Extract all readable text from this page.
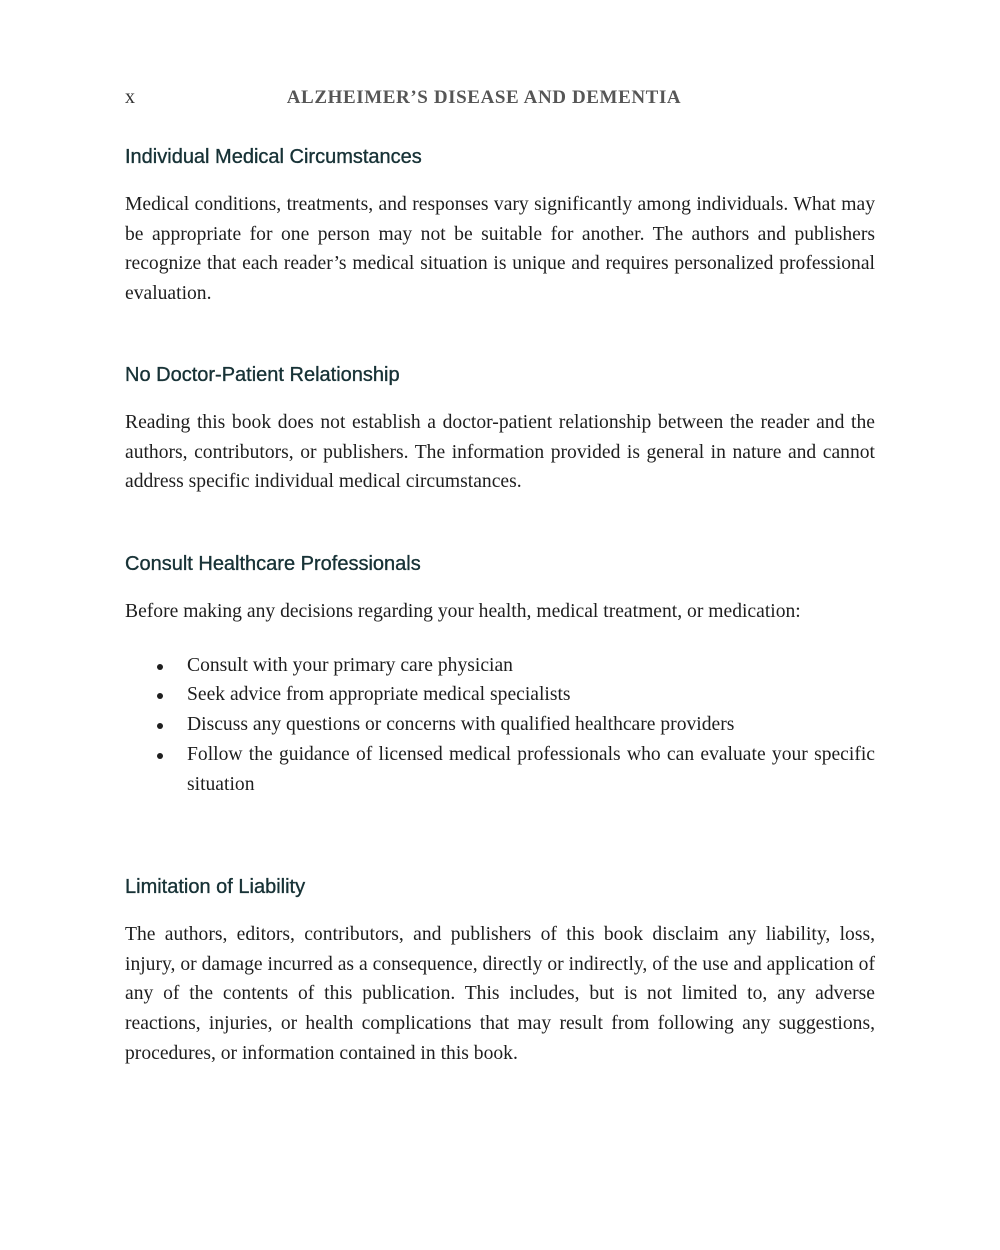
x	ALZHEIMER’S DISEASE AND DEMENTIA
Individual Medical Circumstances

Medical conditions, treatments, and responses vary significantly among individuals. What may be appropriate for one person may not be suitable for another. The authors and publishers recognize that each reader’s medical situation is unique and requires personalized professional evaluation.

No Doctor-Patient Relationship

Reading this book does not establish a doctor-patient relationship between the reader and the authors, contributors, or publishers. The information provided is general in nature and cannot address specific individual medical circumstances.

Consult Healthcare Professionals

Before making any decisions regarding your health, medical treatment, or medication:

Consult with your primary care physician
Seek advice from appropriate medical specialists
Discuss any questions or concerns with qualified healthcare providers
Follow the guidance of licensed medical professionals who can evaluate your specific situation
Limitation of Liability

The authors, editors, contributors, and publishers of this book disclaim any liability, loss, injury, or damage incurred as a consequence, directly or indirectly, of the use and application of any of the contents of this publication. This includes, but is not limited to, any adverse reactions, injuries, or health complications that may result from following any suggestions, procedures, or information contained in this book.
